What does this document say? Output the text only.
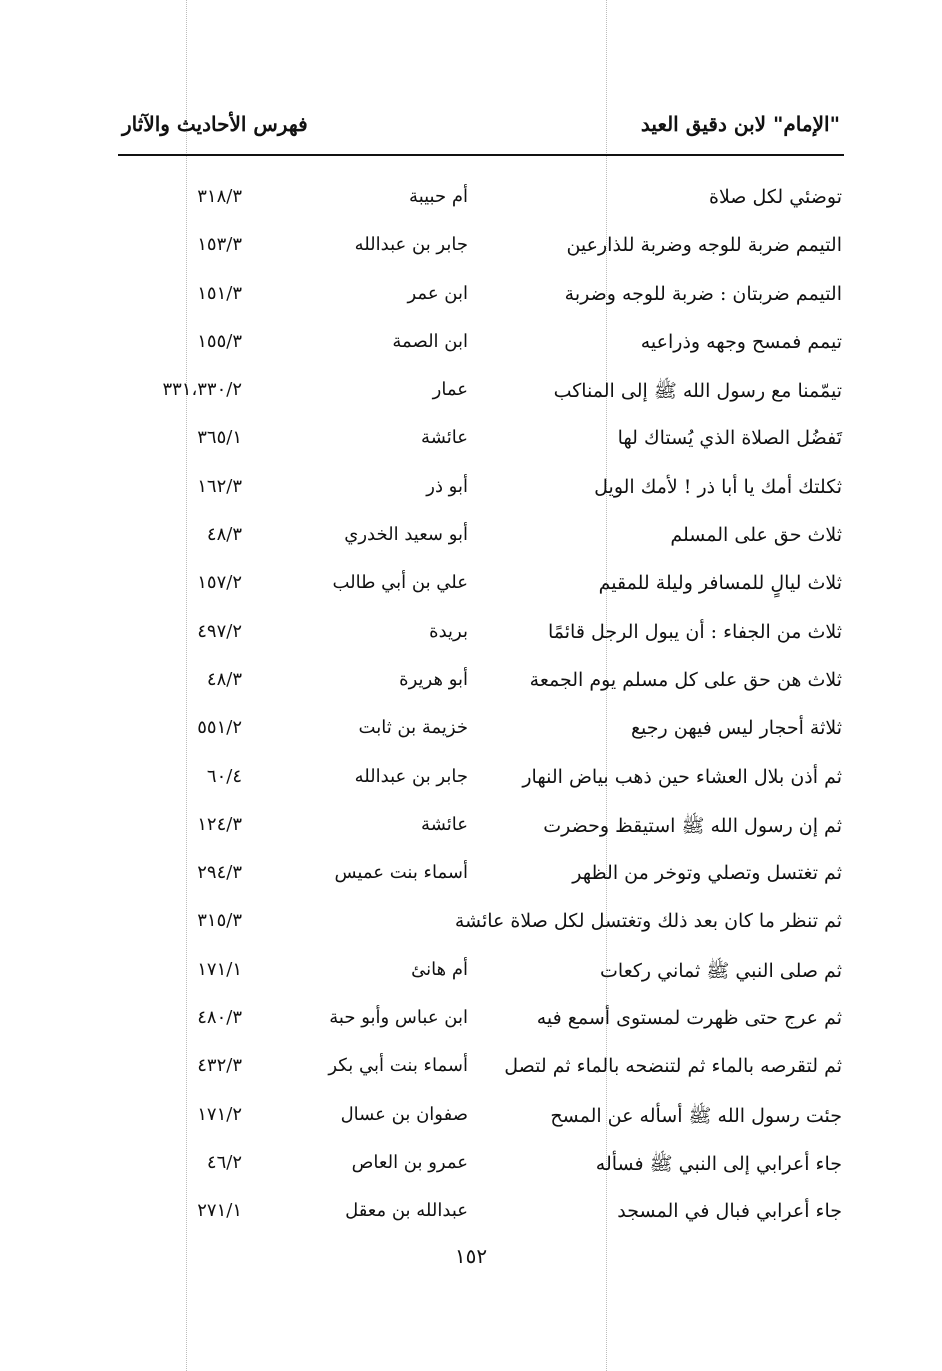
"الإمام" لابن دقيق العيد
فهرس الأحاديث والآثار
توضئي لكل صلاة
أم حبيبة
٣١٨/٣
التيمم ضربة للوجه وضربة للذارعين
جابر بن عبدالله
١٥٣/٣
التيمم ضربتان : ضربة للوجه وضربة
ابن عمر
١٥١/٣
تيمم فمسح وجهه وذراعيه
ابن الصمة
١٥٥/٣
تيمّمنا مع رسول الله ﷺ إلى المناكب
عمار
٣٣١،٣٣٠/٢
تَفضُل الصلاة الذي يُستاك لها
عائشة
٣٦٥/١
ثكلتك أمك يا أبا ذر ! لأمك الويل
أبو ذر
١٦٢/٣
ثلاث حق على المسلم
أبو سعيد الخدري
٤٨/٣
ثلاث ليالٍ للمسافر وليلة للمقيم
علي بن أبي طالب
١٥٧/٢
ثلاث من الجفاء : أن يبول الرجل قائمًا
بريدة
٤٩٧/٢
ثلاث هن حق على كل مسلم يوم الجمعة
أبو هريرة
٤٨/٣
ثلاثة أحجار ليس فيهن رجيع
خزيمة بن ثابت
٥٥١/٢
ثم أذن بلال العشاء حين ذهب بياض النهار
جابر بن عبدالله
٦٠/٤
ثم إن رسول الله ﷺ استيقظ وحضرت
عائشة
١٢٤/٣
ثم تغتسل وتصلي وتوخر من الظهر
أسماء بنت عميس
٢٩٤/٣
ثم تنظر ما كان بعد ذلك وتغتسل لكل صلاة عائشة
٣١٥/٣
ثم صلى النبي ﷺ ثماني ركعات
أم هانئ
١٧١/١
ثم عرج حتى ظهرت لمستوى أسمع فيه
ابن عباس وأبو حبة
٤٨٠/٣
ثم لتقرصه بالماء ثم لتنضحه بالماء ثم لتصل
أسماء بنت أبي بكر
٤٣٢/٣
جئت رسول الله ﷺ أسأله عن المسح
صفوان بن عسال
١٧١/٢
جاء أعرابي إلى النبي ﷺ فسأله
عمرو بن العاص
٤٦/٢
جاء أعرابي فبال في المسجد
عبدالله بن معقل
٢٧١/١
١٥٢
